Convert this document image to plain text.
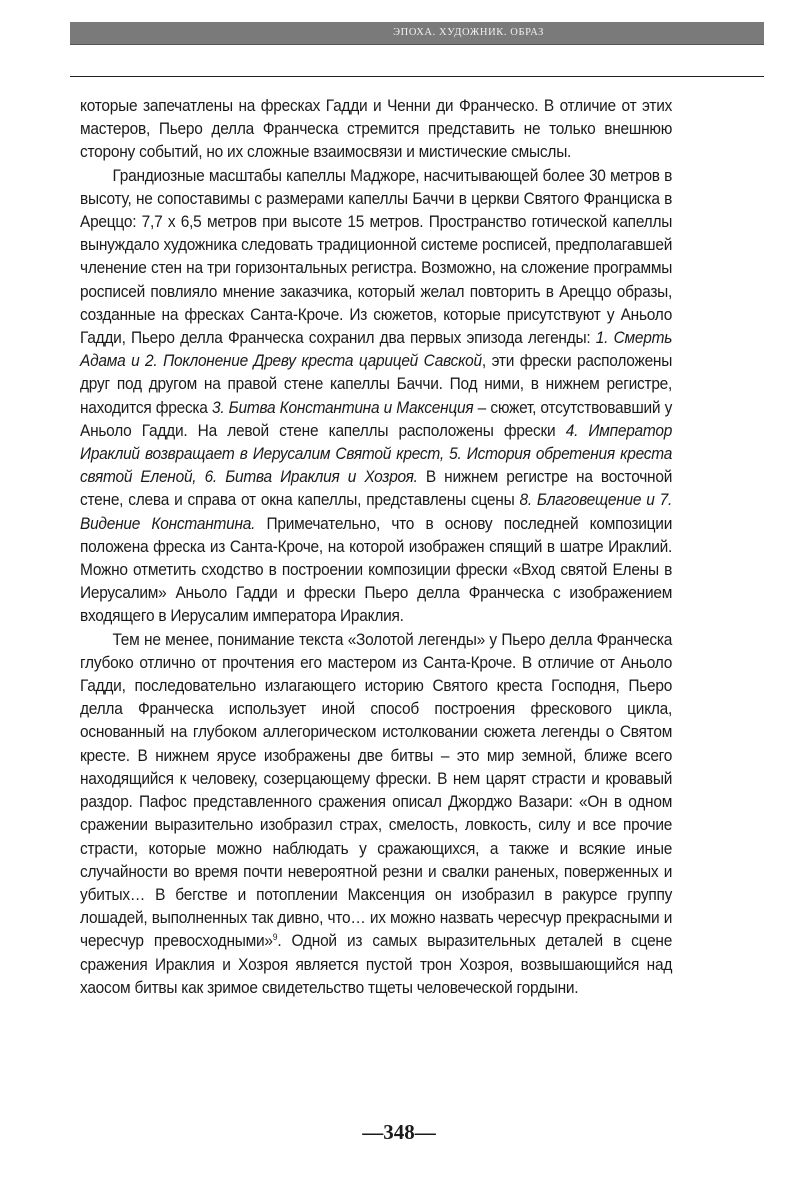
ЭПОХА. ХУДОЖНИК. ОБРАЗ

которые запечатлены на фресках Гадди и Ченни ди Франческо. В отличие от этих мастеров, Пьеро делла Франческа стремится представить не только внешнюю сторону событий, но их сложные взаимосвязи и мистические смыслы.

Грандиозные масштабы капеллы Маджоре, насчитывающей более 30 метров в высоту, не сопоставимы с размерами капеллы Баччи в церкви Святого Франциска в Ареццо: 7,7 х 6,5 метров при высоте 15 метров. Пространство готической капеллы вынуждало художника следовать традиционной системе росписей, предполагавшей членение стен на три горизонтальных регистра. Возможно, на сложение программы росписей повлияло мнение заказчика, который желал повторить в Ареццо образы, созданные на фресках Санта-Кроче. Из сюжетов, которые присутствуют у Аньоло Гадди, Пьеро делла Франческа сохранил два первых эпизода легенды: 1. Смерть Адама и 2. Поклонение Древу креста царицей Савской, эти фрески расположены друг под другом на правой стене капеллы Баччи. Под ними, в нижнем регистре, находится фреска 3. Битва Константина и Максенция – сюжет, отсутствовавший у Аньоло Гадди. На левой стене капеллы расположены фрески 4. Император Ираклий возвращает в Иерусалим Святой крест, 5. История обретения креста святой Еленой, 6. Битва Ираклия и Хозроя. В нижнем регистре на восточной стене, слева и справа от окна капеллы, представлены сцены 8. Благовещение и 7. Видение Константина. Примечательно, что в основу последней композиции положена фреска из Санта-Кроче, на которой изображен спящий в шатре Ираклий. Можно отметить сходство в построении композиции фрески «Вход святой Елены в Иерусалим» Аньоло Гадди и фрески Пьеро делла Франческа с изображением входящего в Иерусалим императора Ираклия.

Тем не менее, понимание текста «Золотой легенды» у Пьеро делла Франческа глубоко отлично от прочтения его мастером из Санта-Кроче. В отличие от Аньоло Гадди, последовательно излагающего историю Святого креста Господня, Пьеро делла Франческа использует иной способ построения фрескового цикла, основанный на глубоком аллегорическом истолковании сюжета легенды о Святом кресте. В нижнем ярусе изображены две битвы – это мир земной, ближе всего находящийся к человеку, созерцающему фрески. В нем царят страсти и кровавый раздор. Пафос представленного сражения описал Джорджо Вазари: «Он в одном сражении выразительно изобразил страх, смелость, ловкость, силу и все прочие страсти, которые можно наблюдать у сражающихся, а также и всякие иные случайности во время почти невероятной резни и свалки раненых, поверженных и убитых… В бегстве и потоплении Максенция он изобразил в ракурсе группу лошадей, выполненных так дивно, что… их можно назвать чересчур прекрасными и чересчур превосходными»$^9$. Одной из самых выразительных деталей в сцене сражения Ираклия и Хозроя является пустой трон Хозроя, возвышающийся над хаосом битвы как зримое свидетельство тщеты человеческой гордыни.

—348—
